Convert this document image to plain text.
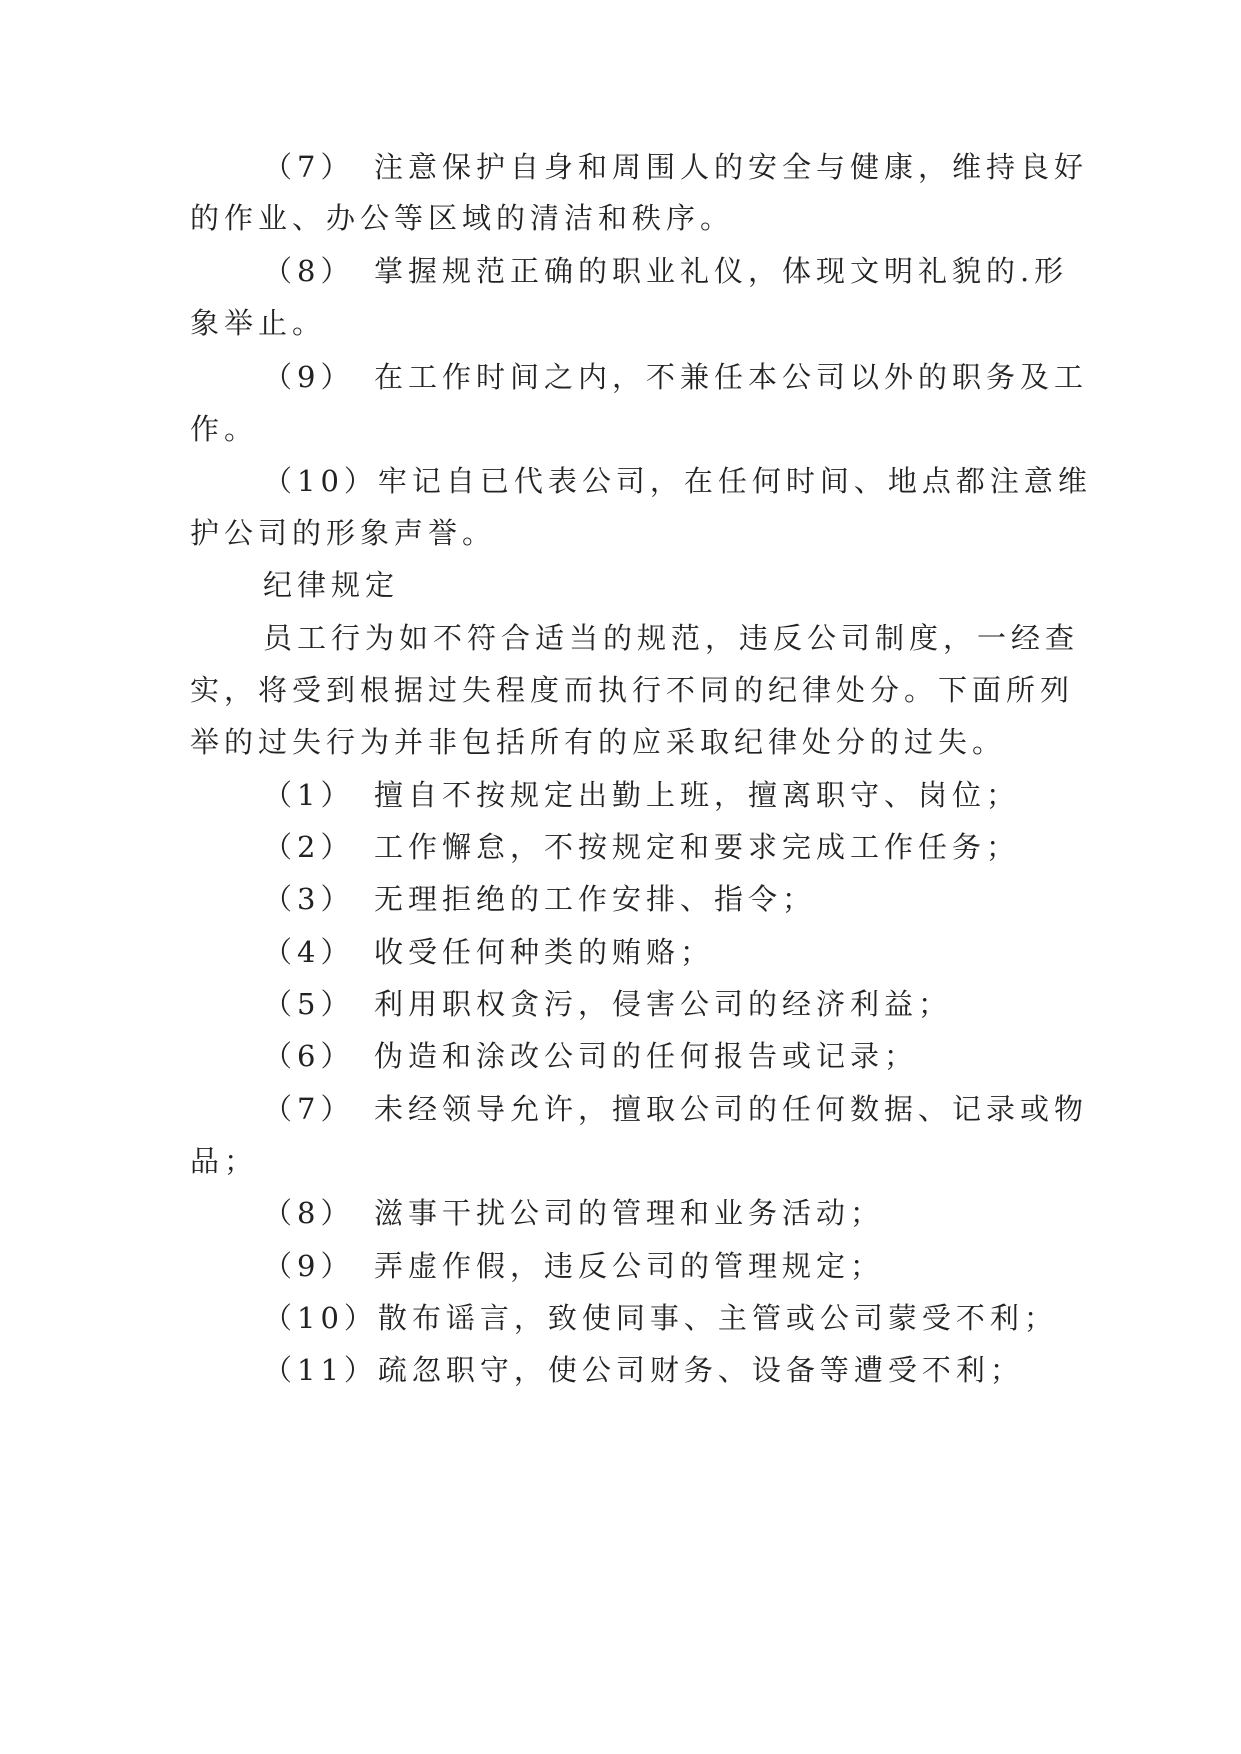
（7）　注意保护自身和周围人的安全与健康，维持良好
的作业、办公等区域的清洁和秩序。
（8）　掌握规范正确的职业礼仪，体现文明礼貌的.形
象举止。
（9）　在工作时间之内，不兼任本公司以外的职务及工
作。
（10）牢记自已代表公司，在任何时间、地点都注意维
护公司的形象声誉。
纪律规定
员工行为如不符合适当的规范，违反公司制度，一经查
实，将受到根据过失程度而执行不同的纪律处分。下面所列
举的过失行为并非包括所有的应采取纪律处分的过失。
（1）　擅自不按规定出勤上班，擅离职守、岗位；
（2）　工作懈怠，不按规定和要求完成工作任务；
（3）　无理拒绝的工作安排、指令；
（4）　收受任何种类的贿赂；
（5）　利用职权贪污，侵害公司的经济利益；
（6）　伪造和涂改公司的任何报告或记录；
（7）　未经领导允许，擅取公司的任何数据、记录或物
品；
（8）　滋事干扰公司的管理和业务活动；
（9）　弄虚作假，违反公司的管理规定；
（10）散布谣言，致使同事、主管或公司蒙受不利；
（11）疏忽职守，使公司财务、设备等遭受不利；
